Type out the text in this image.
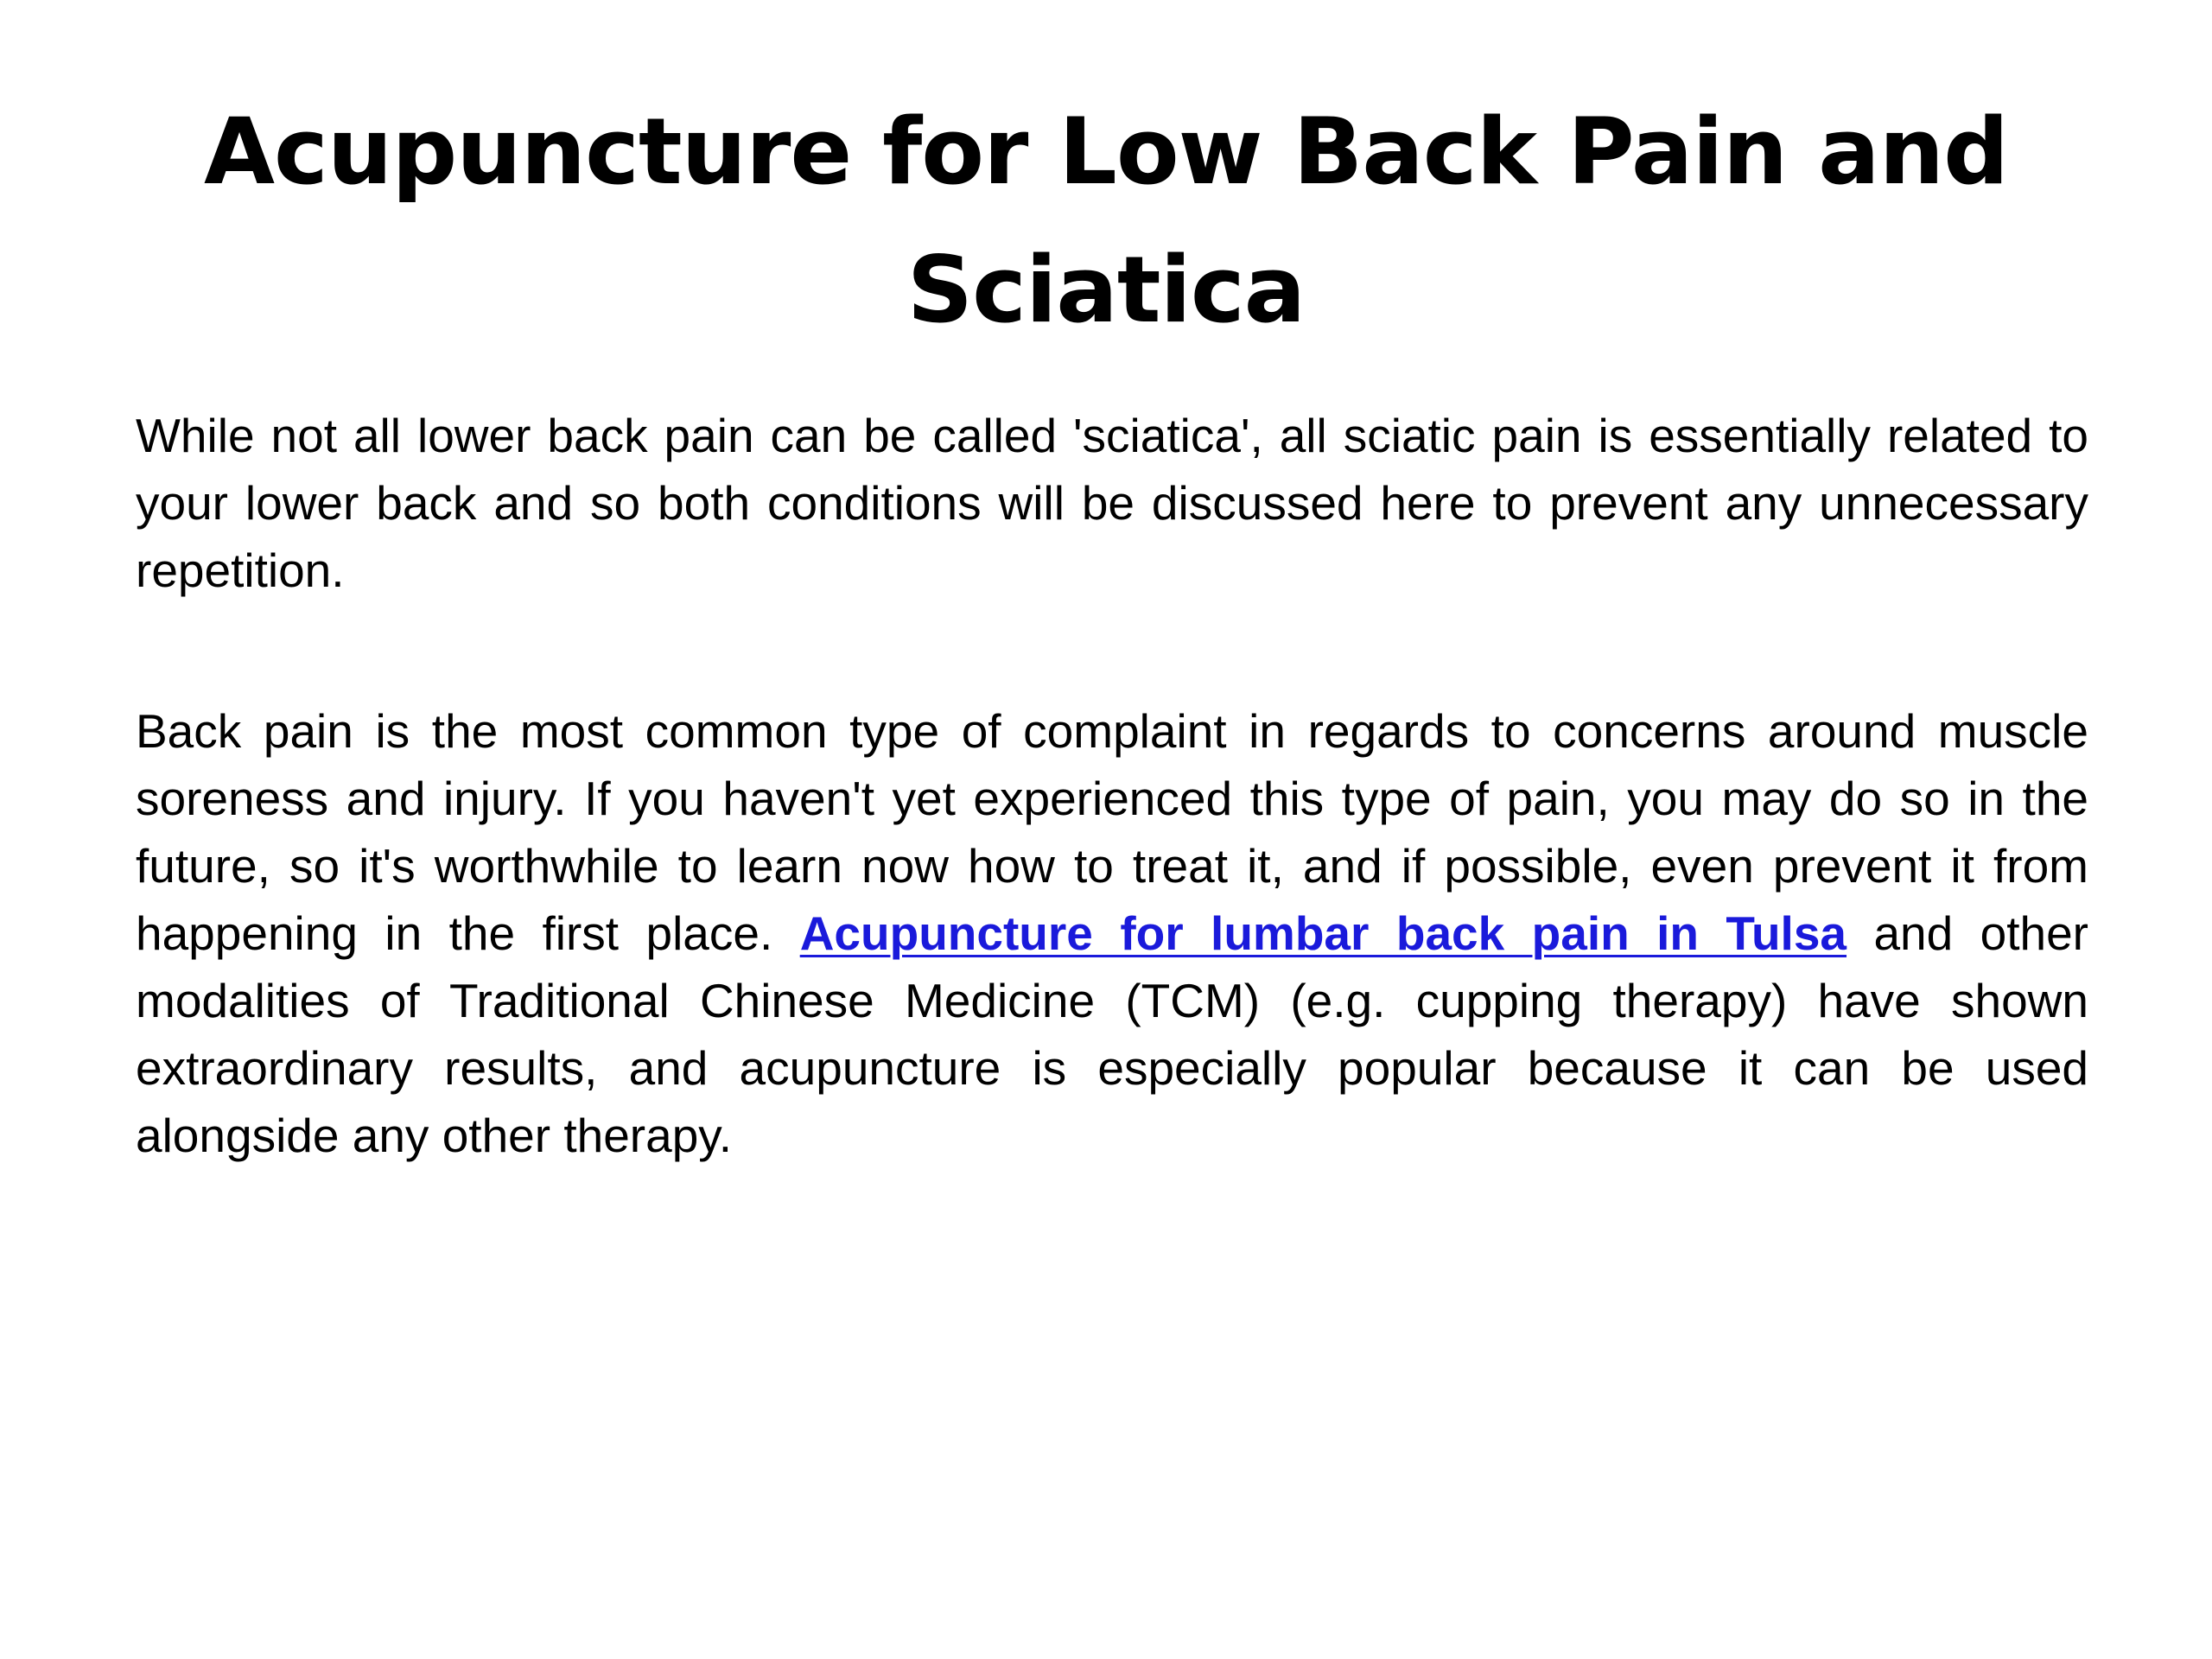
Acupuncture for Low Back Pain and Sciatica

While not all lower back pain can be called 'sciatica', all sciatic pain is essentially related to your lower back and so both conditions will be discussed here to prevent any unnecessary repetition.

Back pain is the most common type of complaint in regards to concerns around muscle soreness and injury. If you haven't yet experienced this type of pain, you may do so in the future, so it's worthwhile to learn now how to treat it, and if possible, even prevent it from happening in the first place. Acupuncture for lumbar back pain in Tulsa and other modalities of Traditional Chinese Medicine (TCM) (e.g. cupping therapy) have shown extraordinary results, and acupuncture is especially popular because it can be used alongside any other therapy.
